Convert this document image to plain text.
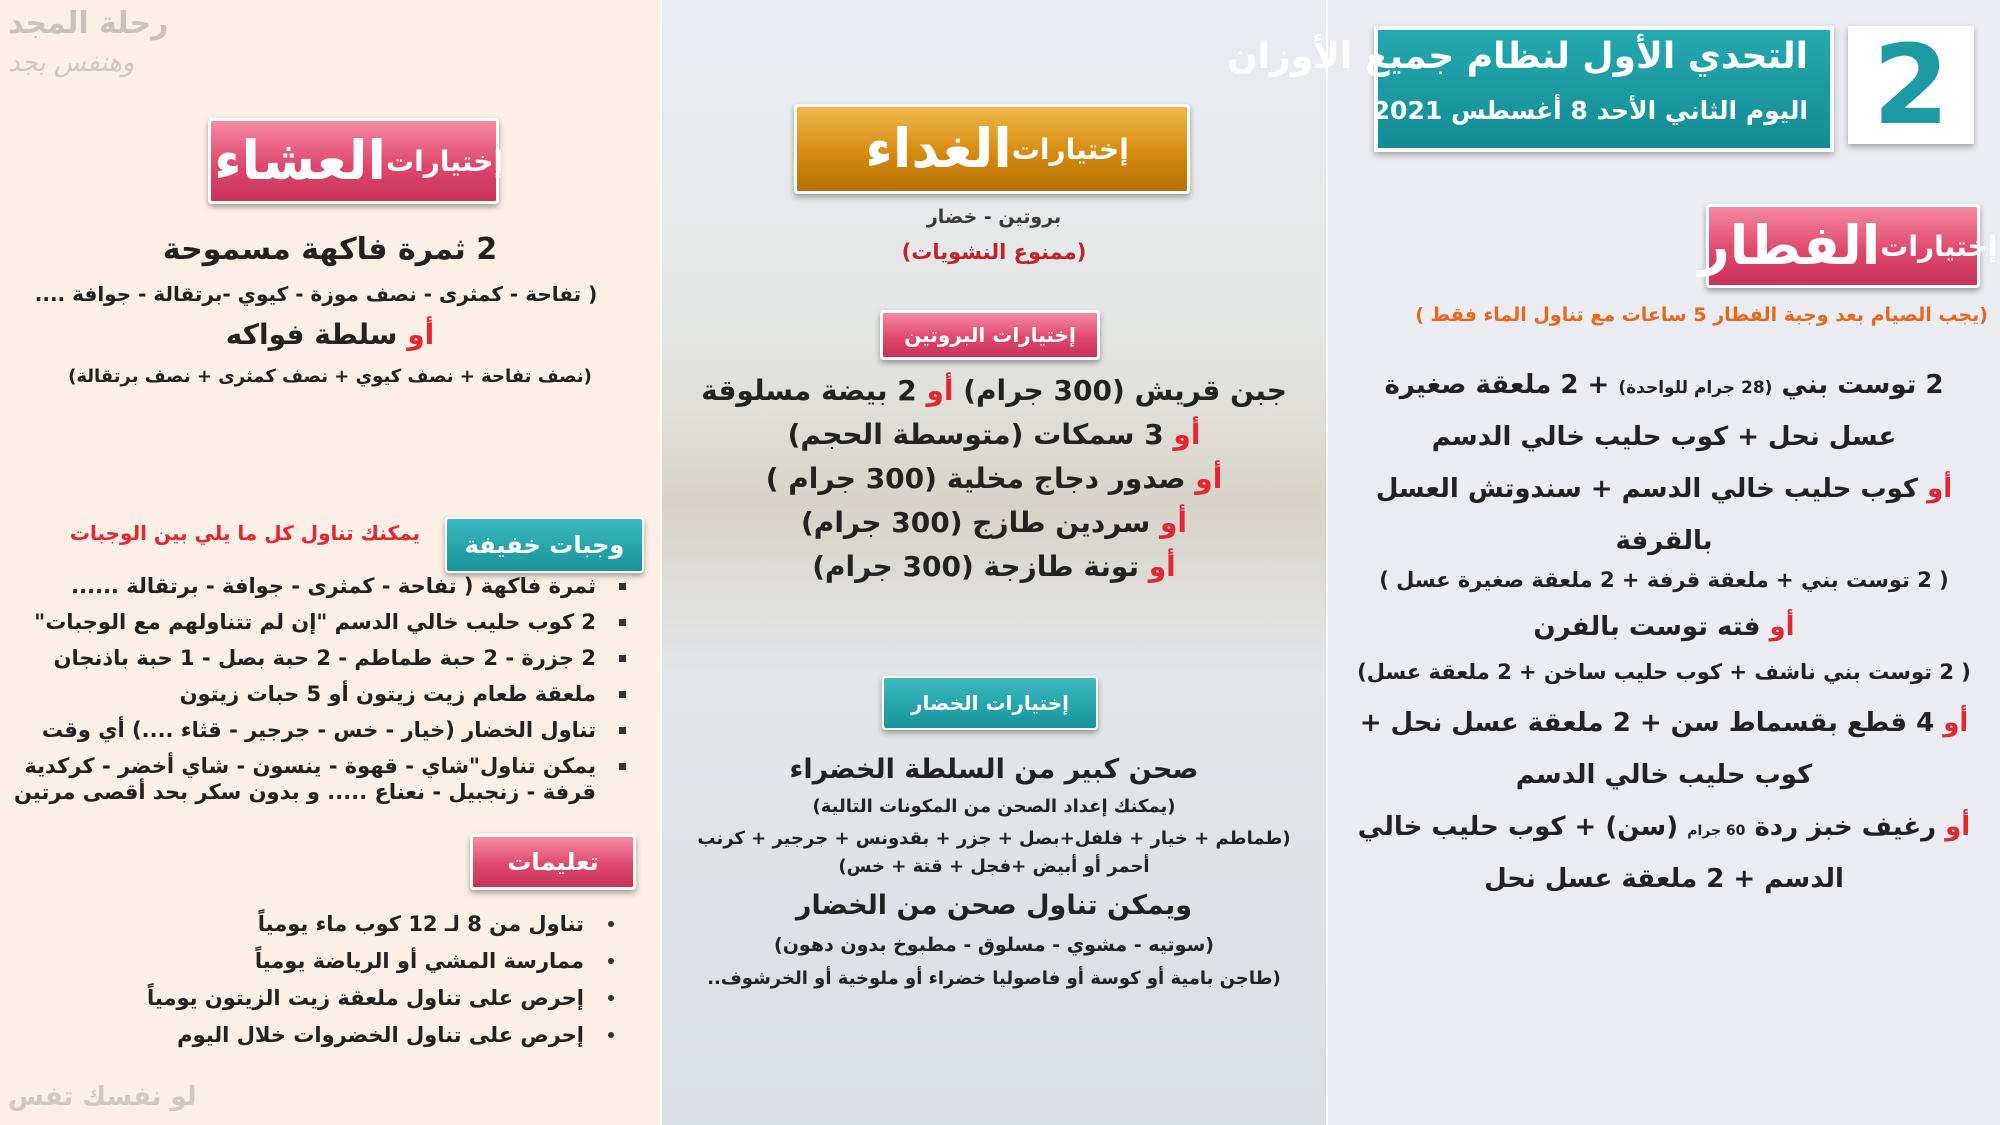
رحلة المجد
وهنفس بجد
إختيارات
العشاء
2 ثمرة فاكهة مسموحة
( تفاحة - كمثرى - نصف موزة - كيوي -برتقالة - جوافة ....
أو سلطة فواكه
(نصف تفاحة + نصف كيوي + نصف كمثرى + نصف برتقالة)
وجبات خفيفة
يمكنك تناول كل ما يلي بين الوجبات
ثمرة فاكهة ( تفاحة - كمثرى - جوافة - برتقالة ......
2 كوب حليب خالي الدسم "إن لم تتناولهم مع الوجبات"
2 جزرة - 2 حبة طماطم - 2 حبة بصل - 1 حبة باذنجان
ملعقة طعام زيت زيتون أو 5 حبات زيتون
تناول الخضار (خيار - خس - جرجير - قثاء ....) أي وقت
يمكن تناول"شاي - قهوة - ينسون - شاي أخضر - كركدية
قرفة - زنجبيل - نعناع ..... و بدون سكر بحد أقصى مرتين
تعليمات
تناول من 8 لـ 12 كوب ماء يومياً
ممارسة المشي أو الرياضة يومياً
إحرص على تناول ملعقة زيت الزيتون يومياً
إحرص على تناول الخضروات خلال اليوم
لو نفسك تفس
إختيارات
الغداء
بروتين - خضار
(ممنوع النشويات)
إختيارات البروتين
جبن قريش (300 جرام) أو 2 بيضة مسلوقة
أو 3 سمكات (متوسطة الحجم)
أو صدور دجاج مخلية (300 جرام )
أو سردين طازج (300 جرام)
أو تونة طازجة (300 جرام)
إختيارات الخضار
صحن كبير من السلطة الخضراء
(يمكنك إعداد الصحن من المكونات التالية)
(طماطم + خيار + فلفل+بصل + جزر + بقدونس + جرجير + كرنب
أحمر أو أبيض +فجل + قتة + خس)
ويمكن تناول صحن من الخضار
(سوتيه - مشوي - مسلوق - مطبوخ بدون دهون)
(طاجن بامية أو كوسة أو فاصوليا خضراء أو ملوخية أو الخرشوف..
التحدي الأول لنظام جميع الأوزان
اليوم الثاني الأحد 8 أغسطس 2021 2
إختيارات
الفطار
(يجب الصيام بعد وجبة الفطار 5 ساعات مع تناول الماء فقط )
2 توست بني (28 جرام للواحدة) + 2 ملعقة صغيرة
عسل نحل + كوب حليب خالي الدسم
أو كوب حليب خالي الدسم + سندوتش العسل
بالقرفة
( 2 توست بني + ملعقة قرفة + 2 ملعقة صغيرة عسل )
أو فته توست بالفرن
( 2 توست بني ناشف + كوب حليب ساخن + 2 ملعقة عسل)
أو 4 قطع بقسماط سن + 2 ملعقة عسل نحل +
كوب حليب خالي الدسم
أو رغيف خبز ردة 60 جرام (سن) + كوب حليب خالي
الدسم + 2 ملعقة عسل نحل
